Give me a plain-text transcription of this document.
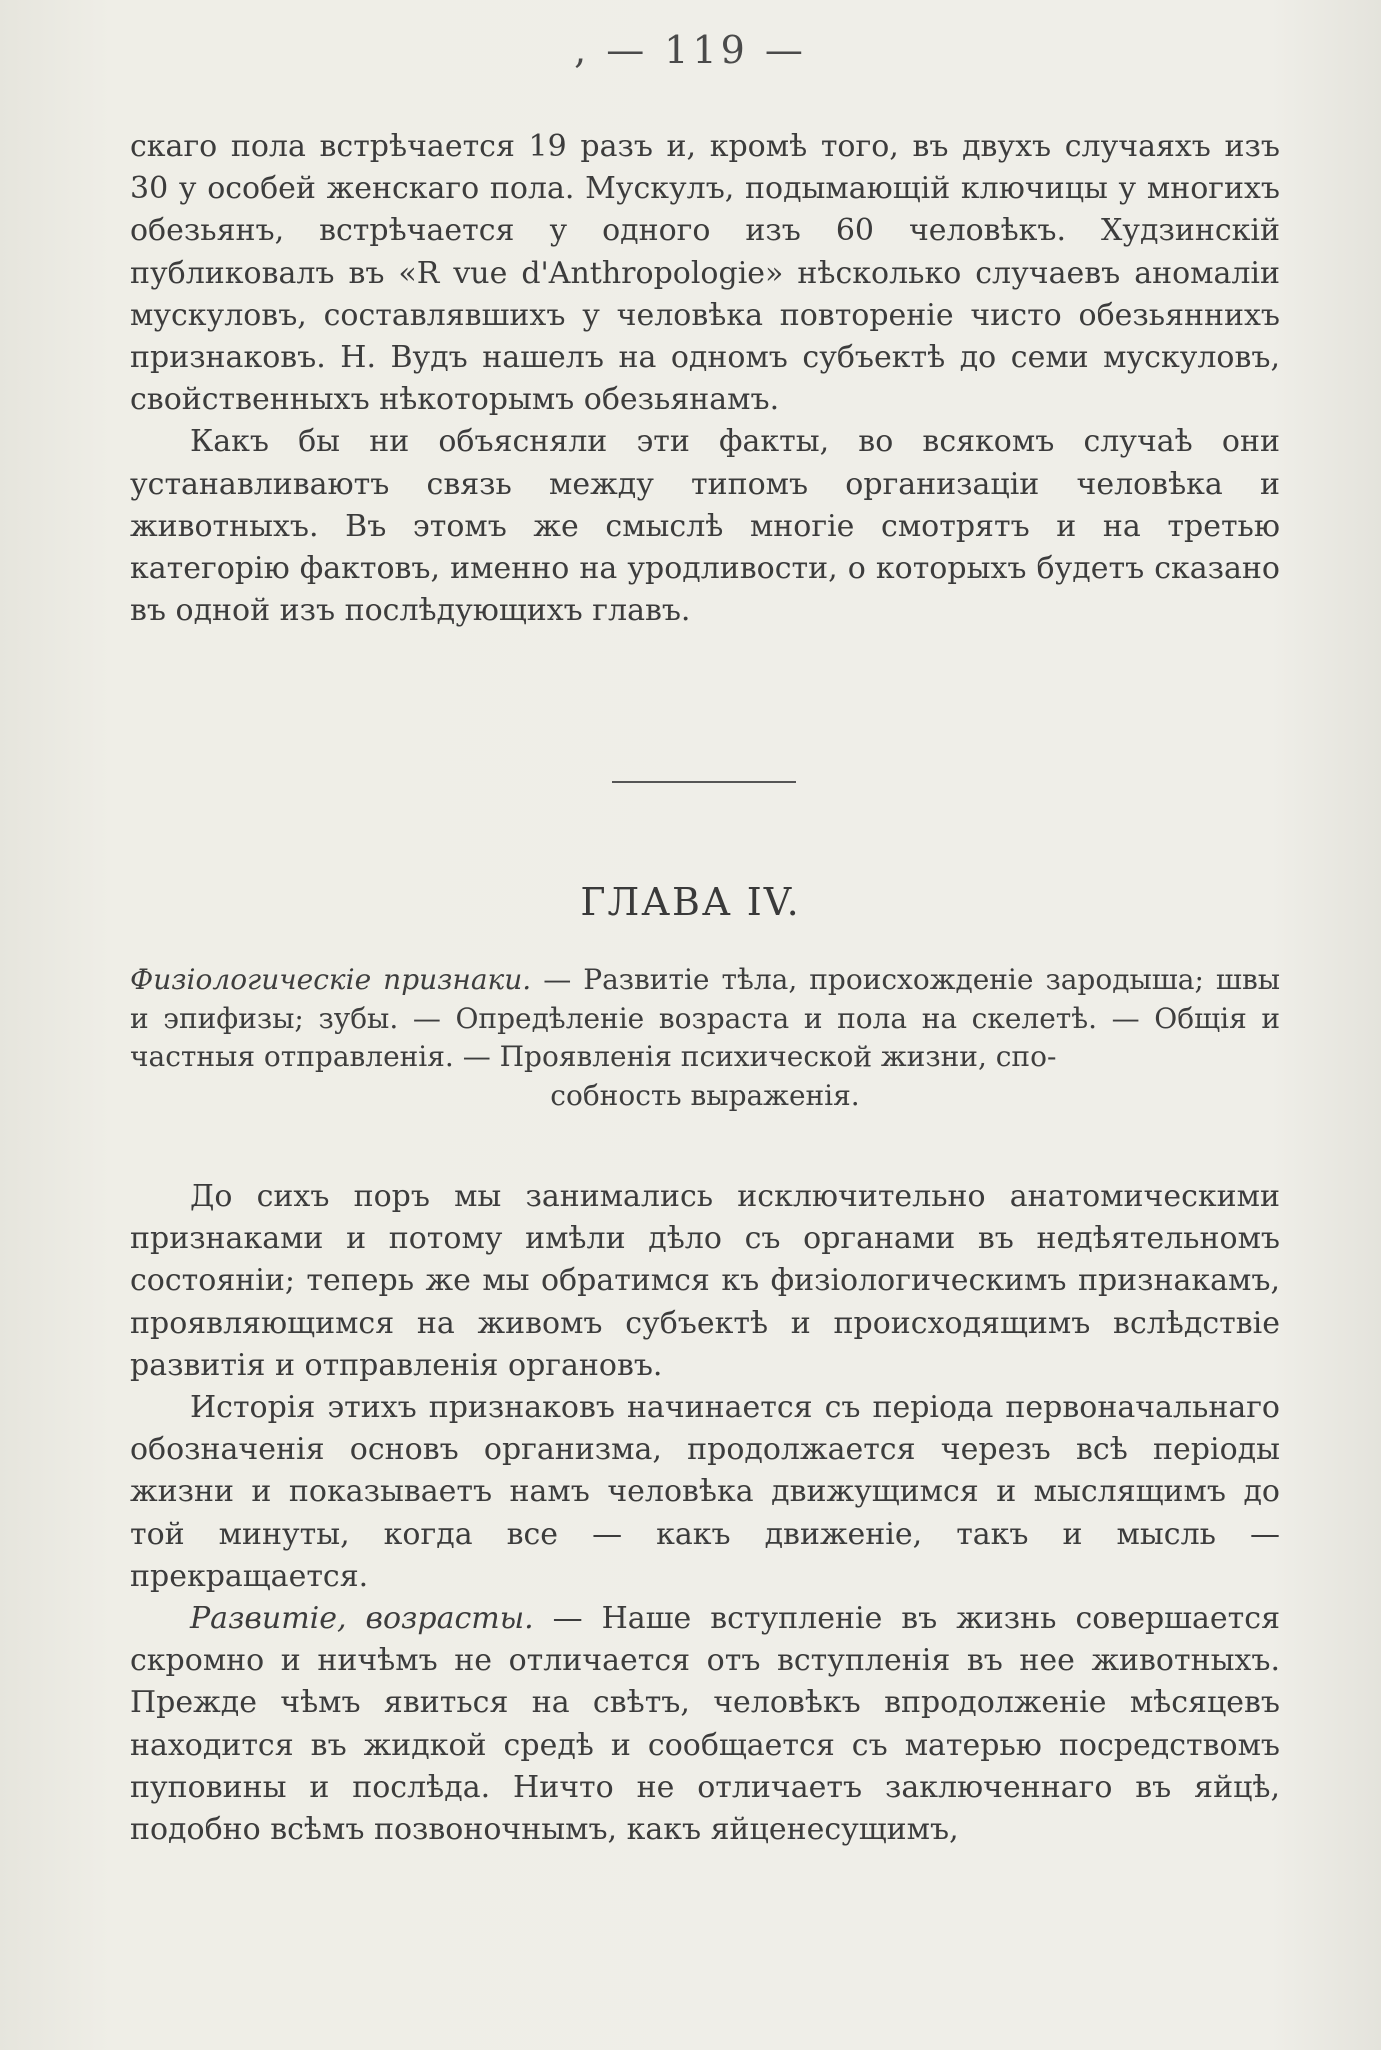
, — 119 —

скаго пола встрѣчается 19 разъ и, кромѣ того, въ двухъ случаяхъ изъ 30 у особей женскаго пола. Мускулъ, подымающій ключицы у многихъ обезьянъ, встрѣчается у одного изъ 60 человѣкъ. Худзинскій публиковалъ въ «R vue d'Anthropologie» нѣсколько случаевъ аномаліи мускуловъ, составлявшихъ у человѣка повтореніе чисто обезьяннихъ признаковъ. Н. Вудъ нашелъ на одномъ субъектѣ до семи мускуловъ, свойственныхъ нѣкоторымъ обезьянамъ.

Какъ бы ни объясняли эти факты, во всякомъ случаѣ они устанавливаютъ связь между типомъ организаціи человѣка и животныхъ. Въ этомъ же смыслѣ многіе смотрятъ и на третью категорію фактовъ, именно на уродливости, о которыхъ будетъ сказано въ одной изъ послѣдующихъ главъ.

ГЛАВА IV.

Физіологическіе признаки. — Развитіе тѣла, происхожденіе зародыша; швы и эпифизы; зубы. — Опредѣленіе возраста и пола на скелетѣ. — Общія и частныя отправленія. — Проявленія психической жизни, спо-

собность выраженія.

До сихъ поръ мы занимались исключительно анатомическими признаками и потому имѣли дѣло съ органами въ недѣятельномъ состояніи; теперь же мы обратимся къ физіологическимъ признакамъ, проявляющимся на живомъ субъектѣ и происходящимъ вслѣдствіе развитія и отправленія органовъ.

Исторія этихъ признаковъ начинается съ періода первоначальнаго обозначенія основъ организма, продолжается черезъ всѣ періоды жизни и показываетъ намъ человѣка движущимся и мыслящимъ до той минуты, когда все — какъ движеніе, такъ и мысль — прекращается.

Развитіе, возрасты. — Наше вступленіе въ жизнь совершается скромно и ничѣмъ не отличается отъ вступленія въ нее животныхъ. Прежде чѣмъ явиться на свѣтъ, человѣкъ впродолженіе мѣсяцевъ находится въ жидкой средѣ и сообщается съ матерью посредствомъ пуповины и послѣда. Ничто не отличаетъ заключеннаго въ яйцѣ, подобно всѣмъ позвоночнымъ, какъ яйценесущимъ,
